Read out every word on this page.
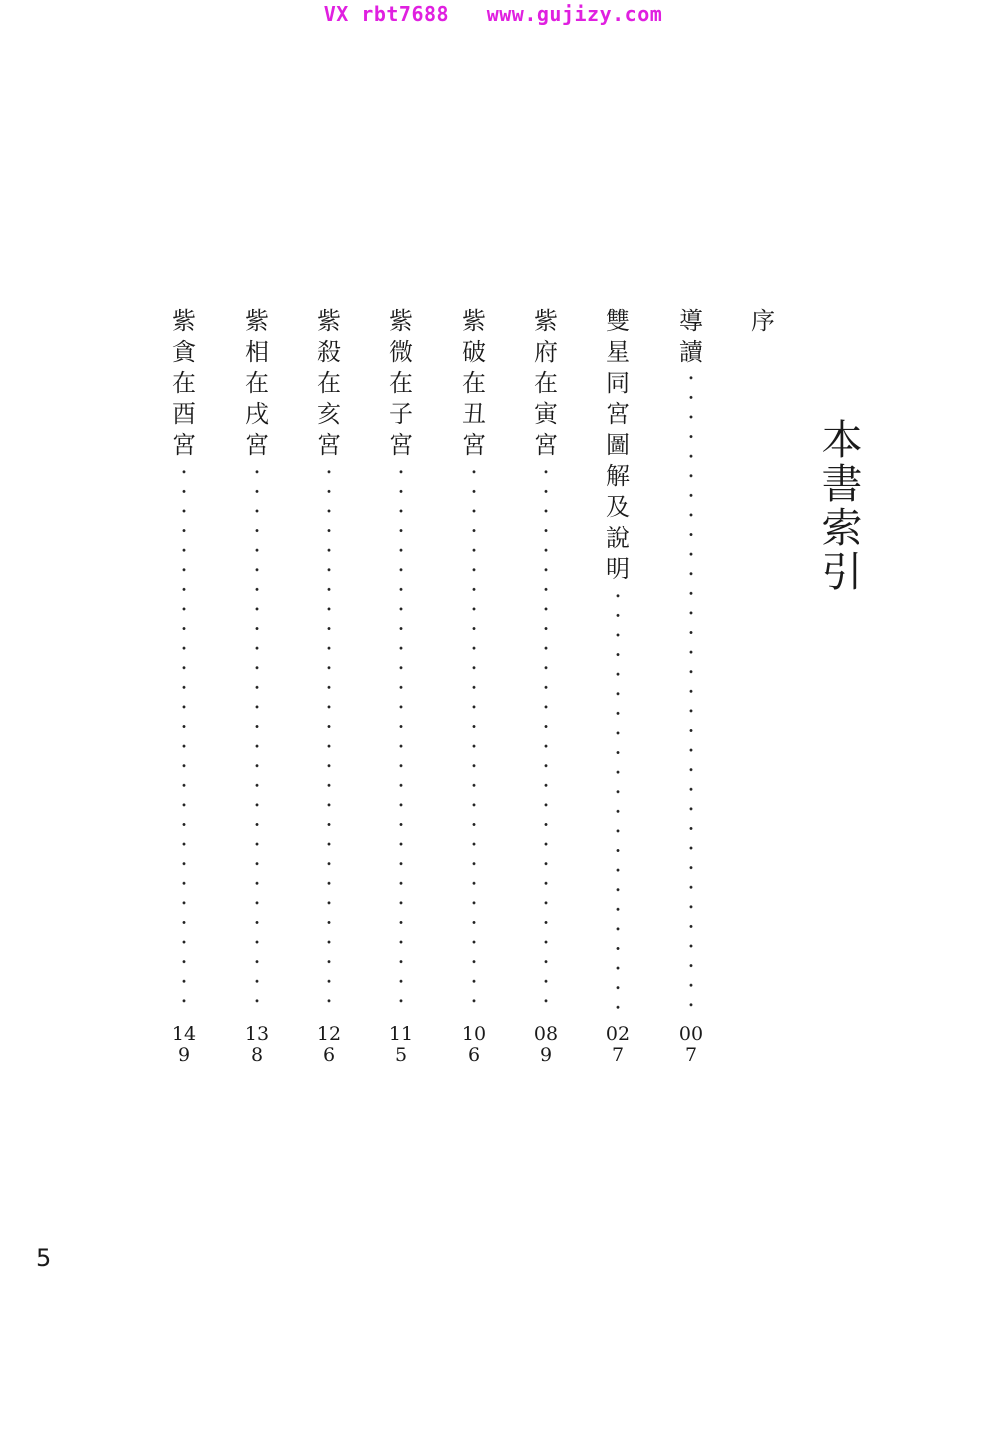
VX rbt7688   www.gujizy.com
本書索引
序
導讀
007
雙星同宮圖解及說明
027
紫府在寅宮
089
紫破在丑宮
106
紫微在子宮
115
紫殺在亥宮
126
紫相在戌宮
138
紫貪在酉宮
149
5
